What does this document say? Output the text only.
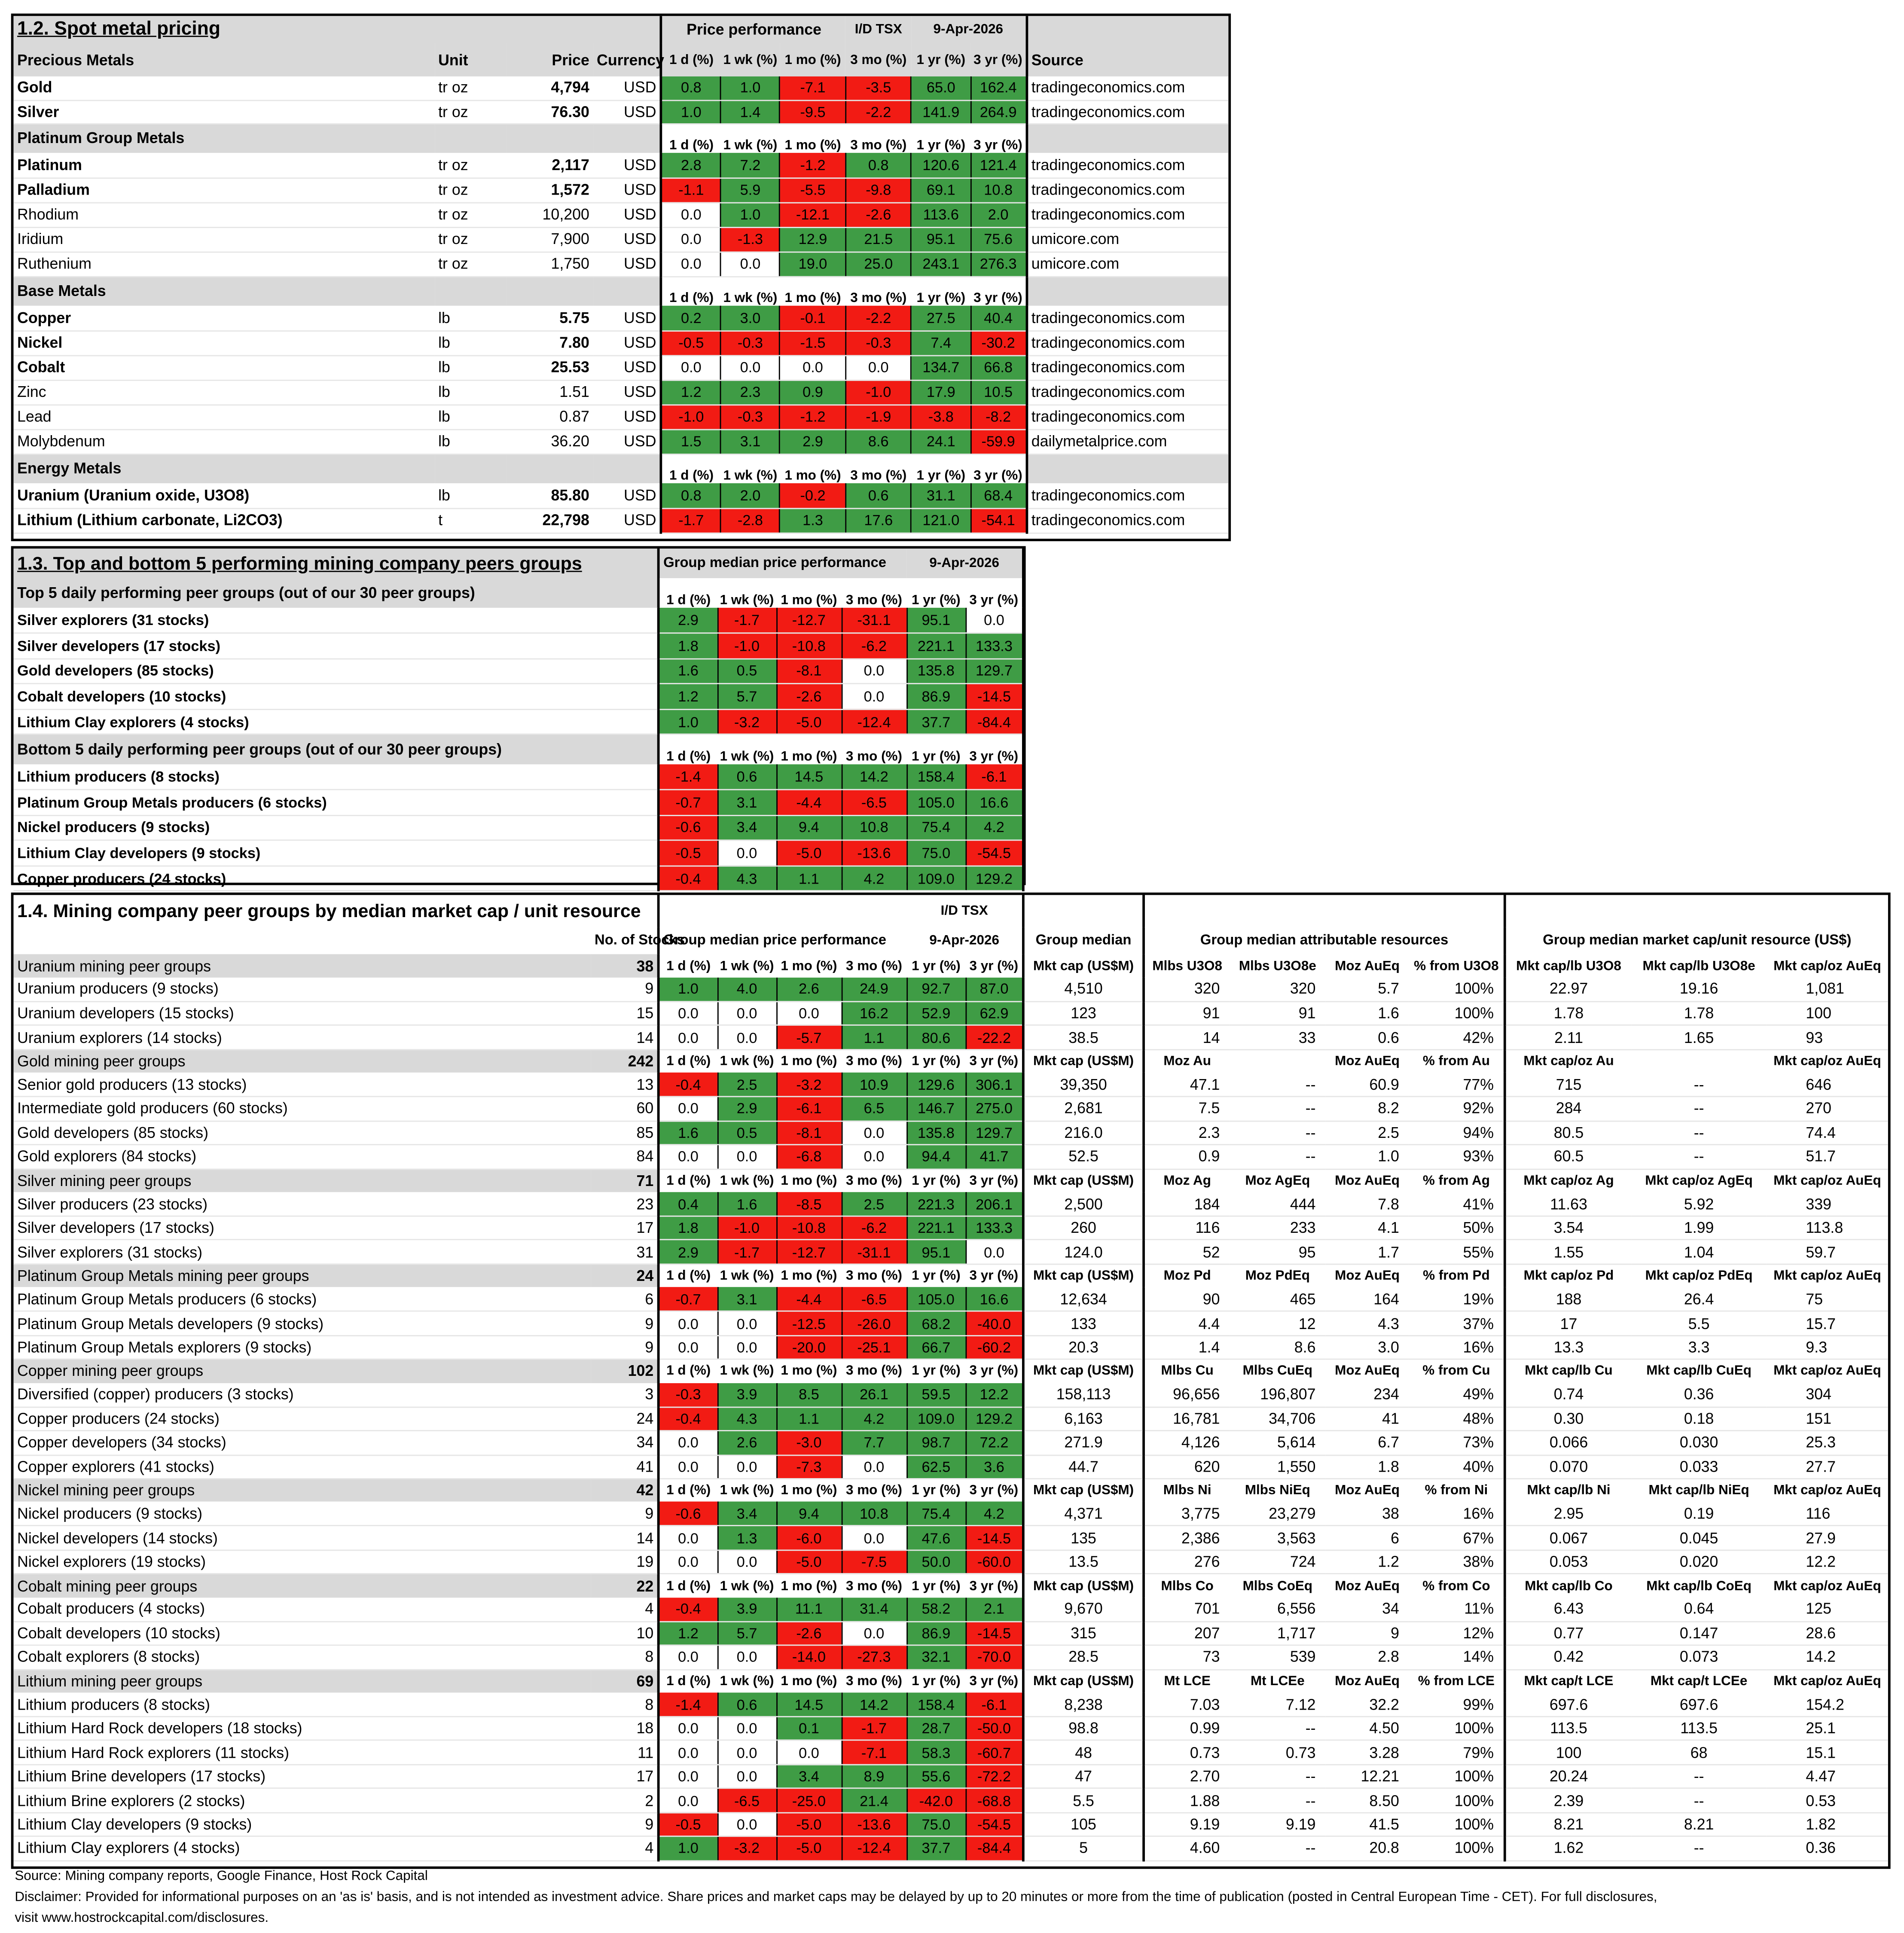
1.2. Spot metal pricing				Price performance			I/D TSX	9-Apr-2026		
Precious Metals	Unit	Price	Currency	1 d (%)	1 wk (%)	1 mo (%)	3 mo (%)	1 yr (%)	3 yr (%)	Source
Gold	tr oz	4,794	USD	0.8	1.0	-7.1	-3.5	65.0	162.4	tradingeconomics.com
Silver	tr oz	76.30	USD	1.0	1.4	-9.5	-2.2	141.9	264.9	tradingeconomics.com
Platinum Group Metals				1 d (%)	1 wk (%)	1 mo (%)	3 mo (%)	1 yr (%)	3 yr (%)	
Platinum	tr oz	2,117	USD	2.8	7.2	-1.2	0.8	120.6	121.4	tradingeconomics.com
Palladium	tr oz	1,572	USD	-1.1	5.9	-5.5	-9.8	69.1	10.8	tradingeconomics.com
Rhodium	tr oz	10,200	USD	0.0	1.0	-12.1	-2.6	113.6	2.0	tradingeconomics.com
Iridium	tr oz	7,900	USD	0.0	-1.3	12.9	21.5	95.1	75.6	umicore.com
Ruthenium	tr oz	1,750	USD	0.0	0.0	19.0	25.0	243.1	276.3	umicore.com
Base Metals				1 d (%)	1 wk (%)	1 mo (%)	3 mo (%)	1 yr (%)	3 yr (%)	
Copper	lb	5.75	USD	0.2	3.0	-0.1	-2.2	27.5	40.4	tradingeconomics.com
Nickel	lb	7.80	USD	-0.5	-0.3	-1.5	-0.3	7.4	-30.2	tradingeconomics.com
Cobalt	lb	25.53	USD	0.0	0.0	0.0	0.0	134.7	66.8	tradingeconomics.com
Zinc	lb	1.51	USD	1.2	2.3	0.9	-1.0	17.9	10.5	tradingeconomics.com
Lead	lb	0.87	USD	-1.0	-0.3	-1.2	-1.9	-3.8	-8.2	tradingeconomics.com
Molybdenum	lb	36.20	USD	1.5	3.1	2.9	8.6	24.1	-59.9	dailymetalprice.com
Energy Metals				1 d (%)	1 wk (%)	1 mo (%)	3 mo (%)	1 yr (%)	3 yr (%)	
Uranium (Uranium oxide, U3O8)	lb	85.80	USD	0.8	2.0	-0.2	0.6	31.1	68.4	tradingeconomics.com
Lithium (Lithium carbonate, Li2CO3)	t	22,798	USD	-1.7	-2.8	1.3	17.6	121.0	-54.1	tradingeconomics.com
1.3. Top and bottom 5 performing mining company peers groups	Group median price performance				9-Apr-2026	
Top 5 daily performing peer groups (out of our 30 peer groups)	1 d (%)	1 wk (%)	1 mo (%)	3 mo (%)	1 yr (%)	3 yr (%)
Silver explorers (31 stocks)	2.9	-1.7	-12.7	-31.1	95.1	0.0
Silver developers (17 stocks)	1.8	-1.0	-10.8	-6.2	221.1	133.3
Gold developers (85 stocks)	1.6	0.5	-8.1	0.0	135.8	129.7
Cobalt developers (10 stocks)	1.2	5.7	-2.6	0.0	86.9	-14.5
Lithium Clay explorers (4 stocks)	1.0	-3.2	-5.0	-12.4	37.7	-84.4
Bottom 5 daily performing peer groups (out of our 30 peer groups)	1 d (%)	1 wk (%)	1 mo (%)	3 mo (%)	1 yr (%)	3 yr (%)
Lithium producers (8 stocks)	-1.4	0.6	14.5	14.2	158.4	-6.1
Platinum Group Metals producers (6 stocks)	-0.7	3.1	-4.4	-6.5	105.0	16.6
Nickel producers (9 stocks)	-0.6	3.4	9.4	10.8	75.4	4.2
Lithium Clay developers (9 stocks)	-0.5	0.0	-5.0	-13.6	75.0	-54.5
Copper producers (24 stocks)	-0.4	4.3	1.1	4.2	109.0	129.2
1.4. Mining company peer groups by median market cap / unit resource						I/D TSX									
	No. of Stocks	Group median price performance				9-Apr-2026		Group median	Group median attributable resources				Group median market cap/unit resource (US$)		
Uranium mining peer groups	38	1 d (%)	1 wk (%)	1 mo (%)	3 mo (%)	1 yr (%)	3 yr (%)	Mkt cap (US$M)	Mlbs U3O8	Mlbs U3O8e	Moz AuEq	% from U3O8	Mkt cap/lb U3O8	Mkt cap/lb U3O8e	Mkt cap/oz AuEq
Uranium producers (9 stocks)	9	1.0	4.0	2.6	24.9	92.7	87.0	4,510	320	320	5.7	100%	22.97	19.16	1,081
Uranium developers (15 stocks)	15	0.0	0.0	0.0	16.2	52.9	62.9	123	91	91	1.6	100%	1.78	1.78	100
Uranium explorers (14 stocks)	14	0.0	0.0	-5.7	1.1	80.6	-22.2	38.5	14	33	0.6	42%	2.11	1.65	93
Gold mining peer groups	242	1 d (%)	1 wk (%)	1 mo (%)	3 mo (%)	1 yr (%)	3 yr (%)	Mkt cap (US$M)	Moz Au		Moz AuEq	% from Au	Mkt cap/oz Au		Mkt cap/oz AuEq
Senior gold producers (13 stocks)	13	-0.4	2.5	-3.2	10.9	129.6	306.1	39,350	47.1	--	60.9	77%	715	--	646
Intermediate gold producers (60 stocks)	60	0.0	2.9	-6.1	6.5	146.7	275.0	2,681	7.5	--	8.2	92%	284	--	270
Gold developers (85 stocks)	85	1.6	0.5	-8.1	0.0	135.8	129.7	216.0	2.3	--	2.5	94%	80.5	--	74.4
Gold explorers (84 stocks)	84	0.0	0.0	-6.8	0.0	94.4	41.7	52.5	0.9	--	1.0	93%	60.5	--	51.7
Silver mining peer groups	71	1 d (%)	1 wk (%)	1 mo (%)	3 mo (%)	1 yr (%)	3 yr (%)	Mkt cap (US$M)	Moz Ag	Moz AgEq	Moz AuEq	% from Ag	Mkt cap/oz Ag	Mkt cap/oz AgEq	Mkt cap/oz AuEq
Silver producers (23 stocks)	23	0.4	1.6	-8.5	2.5	221.3	206.1	2,500	184	444	7.8	41%	11.63	5.92	339
Silver developers (17 stocks)	17	1.8	-1.0	-10.8	-6.2	221.1	133.3	260	116	233	4.1	50%	3.54	1.99	113.8
Silver explorers (31 stocks)	31	2.9	-1.7	-12.7	-31.1	95.1	0.0	124.0	52	95	1.7	55%	1.55	1.04	59.7
Platinum Group Metals mining peer groups	24	1 d (%)	1 wk (%)	1 mo (%)	3 mo (%)	1 yr (%)	3 yr (%)	Mkt cap (US$M)	Moz Pd	Moz PdEq	Moz AuEq	% from Pd	Mkt cap/oz Pd	Mkt cap/oz PdEq	Mkt cap/oz AuEq
Platinum Group Metals producers (6 stocks)	6	-0.7	3.1	-4.4	-6.5	105.0	16.6	12,634	90	465	164	19%	188	26.4	75
Platinum Group Metals developers (9 stocks)	9	0.0	0.0	-12.5	-26.0	68.2	-40.0	133	4.4	12	4.3	37%	17	5.5	15.7
Platinum Group Metals explorers (9 stocks)	9	0.0	0.0	-20.0	-25.1	66.7	-60.2	20.3	1.4	8.6	3.0	16%	13.3	3.3	9.3
Copper mining peer groups	102	1 d (%)	1 wk (%)	1 mo (%)	3 mo (%)	1 yr (%)	3 yr (%)	Mkt cap (US$M)	Mlbs Cu	Mlbs CuEq	Moz AuEq	% from Cu	Mkt cap/lb Cu	Mkt cap/lb CuEq	Mkt cap/oz AuEq
Diversified (copper) producers (3 stocks)	3	-0.3	3.9	8.5	26.1	59.5	12.2	158,113	96,656	196,807	234	49%	0.74	0.36	304
Copper producers (24 stocks)	24	-0.4	4.3	1.1	4.2	109.0	129.2	6,163	16,781	34,706	41	48%	0.30	0.18	151
Copper developers (34 stocks)	34	0.0	2.6	-3.0	7.7	98.7	72.2	271.9	4,126	5,614	6.7	73%	0.066	0.030	25.3
Copper explorers (41 stocks)	41	0.0	0.0	-7.3	0.0	62.5	3.6	44.7	620	1,550	1.8	40%	0.070	0.033	27.7
Nickel mining peer groups	42	1 d (%)	1 wk (%)	1 mo (%)	3 mo (%)	1 yr (%)	3 yr (%)	Mkt cap (US$M)	Mlbs Ni	Mlbs NiEq	Moz AuEq	% from Ni	Mkt cap/lb Ni	Mkt cap/lb NiEq	Mkt cap/oz AuEq
Nickel producers (9 stocks)	9	-0.6	3.4	9.4	10.8	75.4	4.2	4,371	3,775	23,279	38	16%	2.95	0.19	116
Nickel developers (14 stocks)	14	0.0	1.3	-6.0	0.0	47.6	-14.5	135	2,386	3,563	6	67%	0.067	0.045	27.9
Nickel explorers (19 stocks)	19	0.0	0.0	-5.0	-7.5	50.0	-60.0	13.5	276	724	1.2	38%	0.053	0.020	12.2
Cobalt mining peer groups	22	1 d (%)	1 wk (%)	1 mo (%)	3 mo (%)	1 yr (%)	3 yr (%)	Mkt cap (US$M)	Mlbs Co	Mlbs CoEq	Moz AuEq	% from Co	Mkt cap/lb Co	Mkt cap/lb CoEq	Mkt cap/oz AuEq
Cobalt producers (4 stocks)	4	-0.4	3.9	11.1	31.4	58.2	2.1	9,670	701	6,556	34	11%	6.43	0.64	125
Cobalt developers (10 stocks)	10	1.2	5.7	-2.6	0.0	86.9	-14.5	315	207	1,717	9	12%	0.77	0.147	28.6
Cobalt explorers (8 stocks)	8	0.0	0.0	-14.0	-27.3	32.1	-70.0	28.5	73	539	2.8	14%	0.42	0.073	14.2
Lithium mining peer groups	69	1 d (%)	1 wk (%)	1 mo (%)	3 mo (%)	1 yr (%)	3 yr (%)	Mkt cap (US$M)	Mt LCE	Mt LCEe	Moz AuEq	% from LCE	Mkt cap/t LCE	Mkt cap/t LCEe	Mkt cap/oz AuEq
Lithium producers (8 stocks)	8	-1.4	0.6	14.5	14.2	158.4	-6.1	8,238	7.03	7.12	32.2	99%	697.6	697.6	154.2
Lithium Hard Rock developers (18 stocks)	18	0.0	0.0	0.1	-1.7	28.7	-50.0	98.8	0.99	--	4.50	100%	113.5	113.5	25.1
Lithium Hard Rock explorers (11 stocks)	11	0.0	0.0	0.0	-7.1	58.3	-60.7	48	0.73	0.73	3.28	79%	100	68	15.1
Lithium Brine developers (17 stocks)	17	0.0	0.0	3.4	8.9	55.6	-72.2	47	2.70	--	12.21	100%	20.24	--	4.47
Lithium Brine explorers (2 stocks)	2	0.0	-6.5	-25.0	21.4	-42.0	-68.8	5.5	1.88	--	8.50	100%	2.39	--	0.53
Lithium Clay developers (9 stocks)	9	-0.5	0.0	-5.0	-13.6	75.0	-54.5	105	9.19	9.19	41.5	100%	8.21	8.21	1.82
Lithium Clay explorers (4 stocks)	4	1.0	-3.2	-5.0	-12.4	37.7	-84.4	5	4.60	--	20.8	100%	1.62	--	0.36
Source: Mining company reports, Google Finance, Host Rock Capital
Disclaimer: Provided for informational purposes on an 'as is' basis, and is not intended as investment advice. Share prices and market caps may be delayed by up to 20 minutes or more from the time of publication (posted in Central European Time - CET). For full disclosures,
visit www.hostrockcapital.com/disclosures.
